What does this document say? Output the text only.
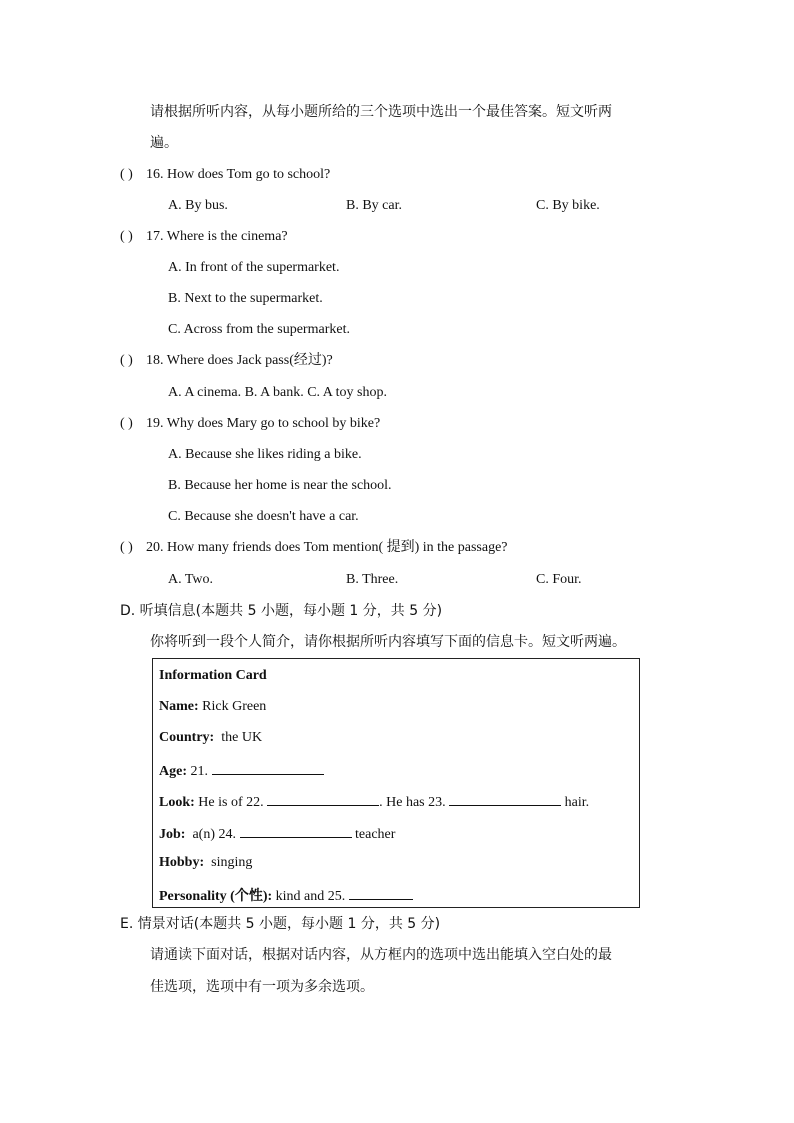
请根据所听内容，从每小题所给的三个选项中选出一个最佳答案。短文听两
遍。
( ) 16. How does Tom go to school?
A. By bus.	B. By car.	C. By bike.
( ) 17. Where is the cinema?
A. In front of the supermarket.
B. Next to the supermarket.
C. Across from the supermarket.
( ) 18. Where does Jack pass(经过)?
A. A cinema. B. A bank. C. A toy shop.
( ) 19. Why does Mary go to school by bike?
A. Because she likes riding a bike.
B. Because her home is near the school.
C. Because she doesn't have a car.
( ) 20. How many friends does Tom mention( 提到) in the passage?
A. Two.	B. Three.	C. Four.
D. 听填信息(本题共 5 小题，每小题 1 分，共 5 分)
你将听到一段个人简介，请你根据所听内容填写下面的信息卡。短文听两遍。
Information Card
Name: Rick Green
Country: the UK
Age: 21.
Look: He is of 22.	. He has 23.	hair.
Job: a(n) 24.	teacher
Hobby: singing
Personality (个性): kind and 25.
E. 情景对话(本题共 5 小题，每小题 1 分，共 5 分)
请通读下面对话，根据对话内容，从方框内的选项中选出能填入空白处的最
佳选项，选项中有一项为多余选项。
